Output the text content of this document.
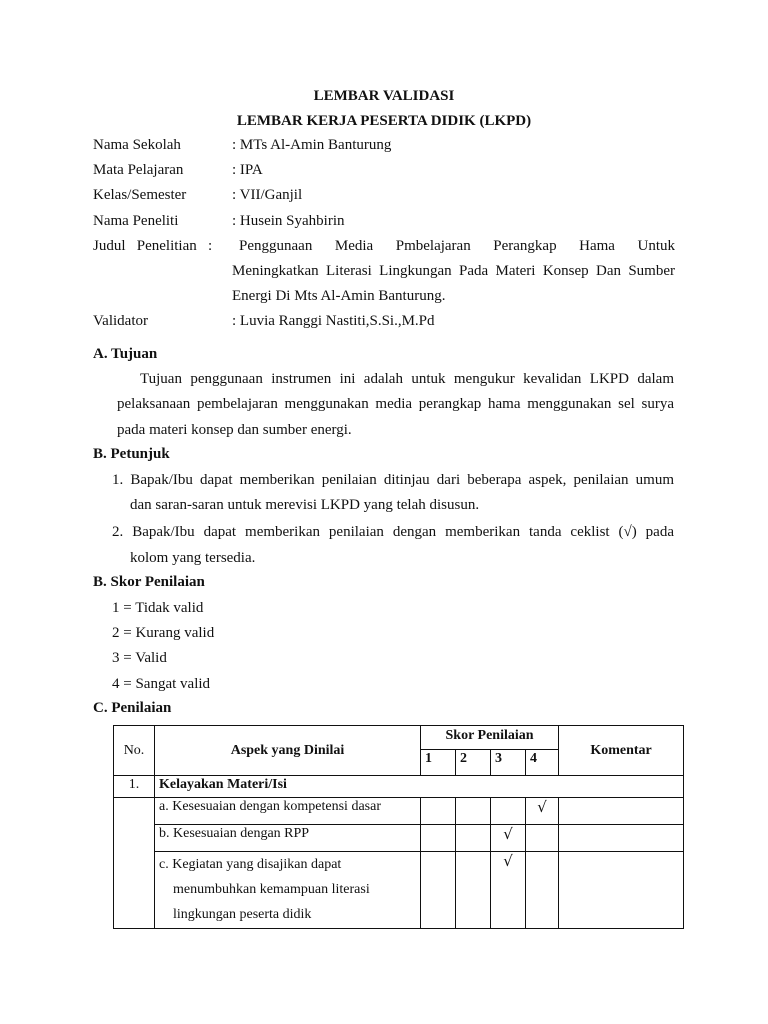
LEMBAR VALIDASI
LEMBAR KERJA PESERTA DIDIK (LKPD)
Nama Sekolah	: MTs Al-Amin Banturung
Mata Pelajaran	: IPA
Kelas/Semester	: VII/Ganjil
Nama Peneliti	: Husein Syahbirin
Judul   Penelitian   :	Penggunaan Media Pmbelajaran Perangkap Hama Untuk
Meningkatkan Literasi Lingkungan Pada Materi Konsep Dan Sumber
Energi Di Mts Al-Amin Banturung.
Validator	: Luvia Ranggi Nastiti,S.Si.,M.Pd
A. Tujuan
Tujuan penggunaan instrumen ini adalah untuk mengukur kevalidan LKPD dalam
pelaksanaan pembelajaran menggunakan media perangkap hama menggunakan sel surya
pada materi konsep dan sumber energi.
B. Petunjuk
1. Bapak/Ibu dapat memberikan penilaian ditinjau dari beberapa aspek, penilaian umum
dan saran-saran untuk merevisi LKPD yang telah disusun.
2. Bapak/Ibu dapat memberikan penilaian dengan memberikan tanda ceklist (√) pada
kolom yang tersedia.
B. Skor Penilaian
1 = Tidak valid
2 = Kurang valid
3 = Valid
4 = Sangat valid
C. Penilaian
No.	Aspek yang Dinilai	Skor Penilaian				Komentar
		1	2	3	4	
1.	Kelayakan Materi/Isi					
	a. Kesesuaian dengan kompetensi dasar				√	
	b. Kesesuaian dengan RPP			√		

	c. Kegiatan yang disajikan dapat
menumbuhkan kemampuan literasi
lingkungan peserta didik			√		
